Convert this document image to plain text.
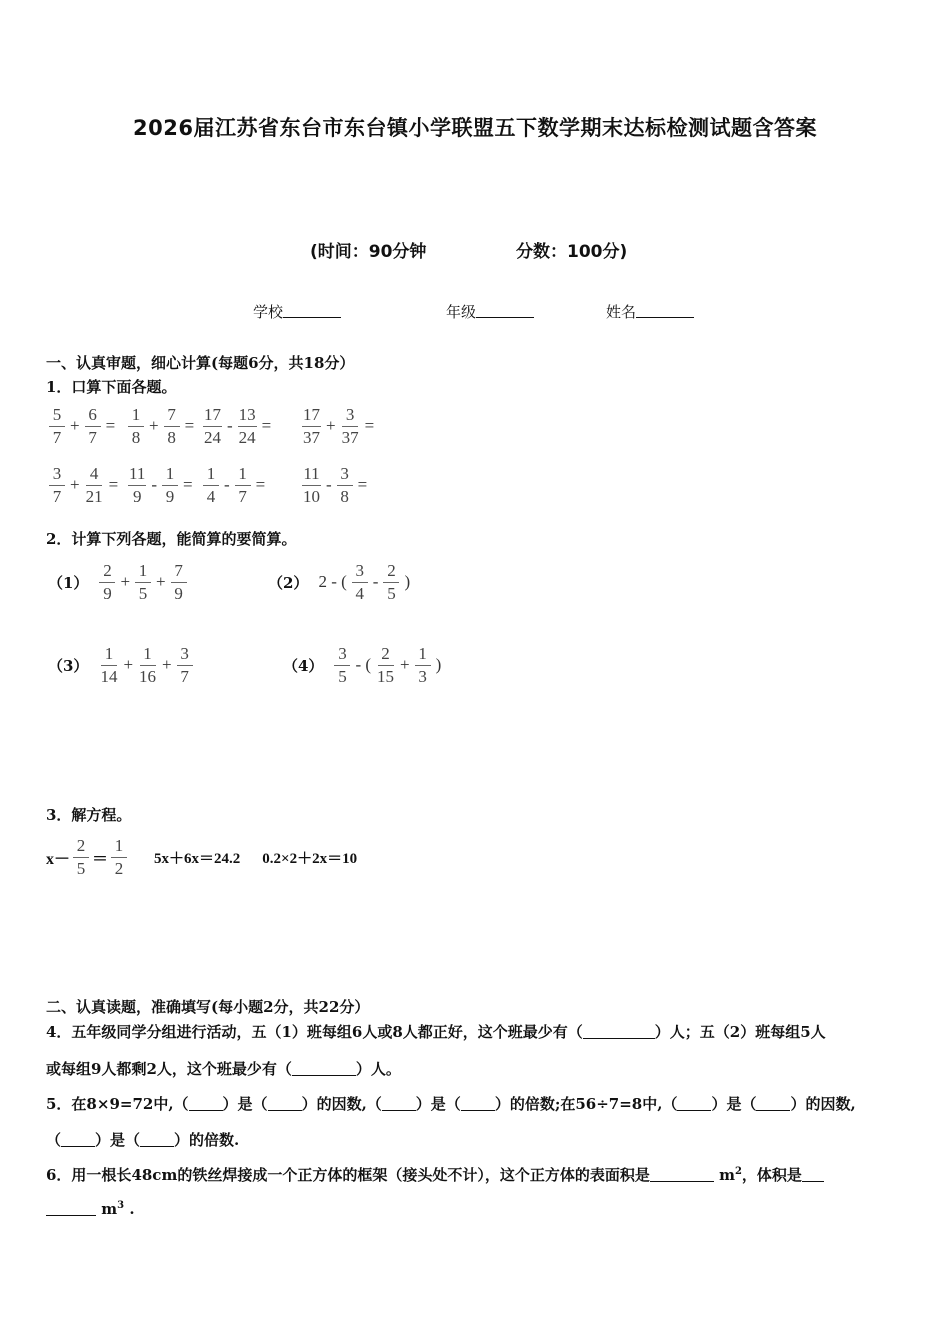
2026届江苏省东台市东台镇小学联盟五下数学期末达标检测试题含答案
(时间：90分钟	分数：100分)
学校	年级	姓名
一、认真审题，细心计算(每题6分，共18分）
1．口算下面各题。
$\frac{5}{7} + \frac{6}{7} = \frac{1}{8} + \frac{7}{8} = \frac{17}{24} - \frac{13}{24} = \frac{17}{37} + \frac{3}{37}$ =
$\frac{3}{7} + \frac{4}{21} = \frac{11}{9} - \frac{1}{9} = \frac{1}{4} - \frac{1}{7} = \frac{11}{10} - \frac{3}{8}$ =
2．计算下列各题，能简算的要简算。
$(1) \frac{2}{9} + \frac{1}{5} + \frac{7}{9}$	（2） 2 - ( $\frac{3}{4} - \frac{2}{5}$ )
$(3) \frac{1}{14} + \frac{1}{16} + \frac{3}{7}$	$(4) \frac{3}{5}$ - ( $\frac{2}{15} + \frac{1}{3}$ )
3．解方程。
$x- \frac{2}{5} = \frac{1}{2} 5x+6x=24.2$ 0.2×2＋2x＝10
二、认真读题，准确填写(每小题2分，共22分）
4．五年级同学分组进行活动，五（1）班每组6人或8人都正好，这个班最少有（	）人；五（2）班每组5人
或每组9人都剩2人，这个班最少有（	）人。
5．在8×9=72中,（ ）是（ ）的因数,（ ）是（ ）的倍数;在56÷7=8中,（ ）是（ ）的因数,
（ ）是（ ）的倍数.
6．用一根长48cm的铁丝焊接成一个正方体的框架（接头处不计），这个正方体的表面积是	$m^2$，体积是
$m^3$ .
